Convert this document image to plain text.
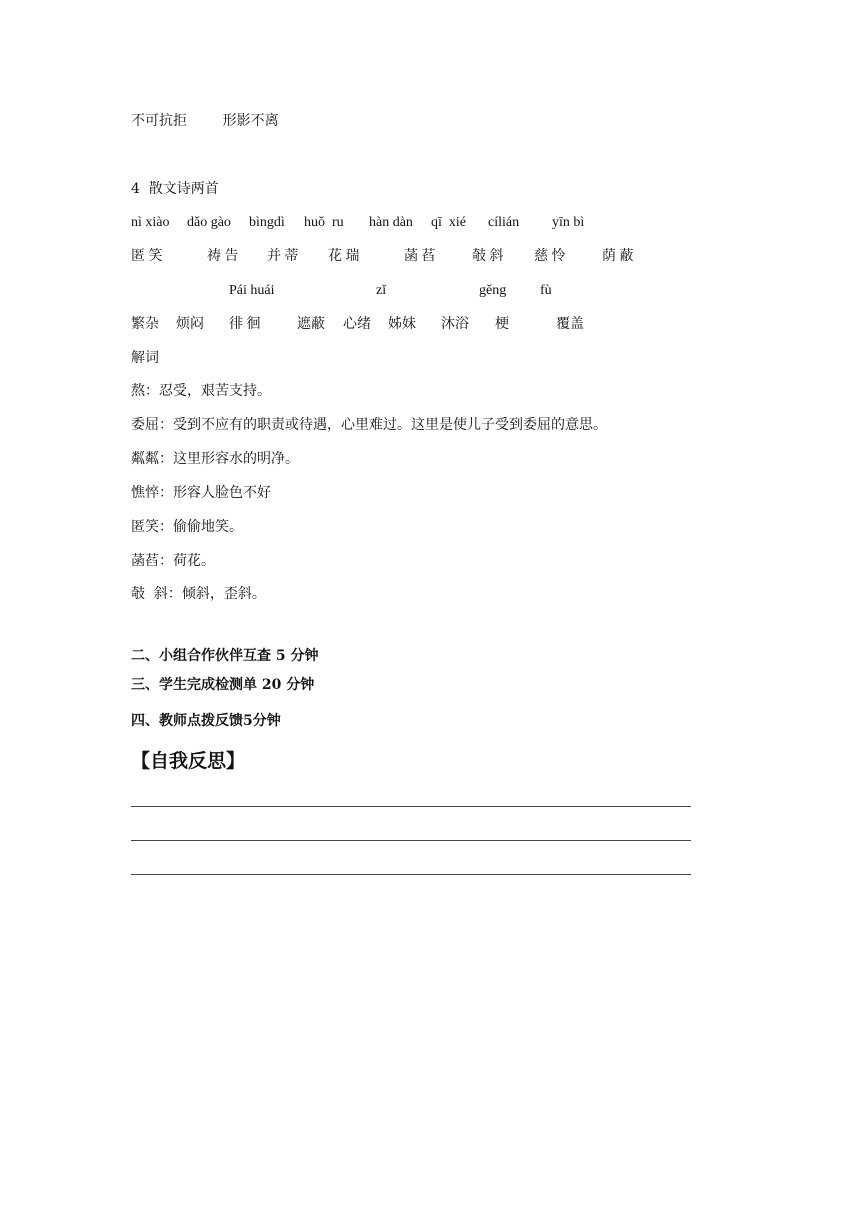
不可抗拒        形影不离

4  散文诗两首

nì xiào dǎo gào bìngdì huǒ  ru hàn dàn qī  xié cílián yīn bì
匿 笑	祷 告 并 蒂 花 瑞	菡 萏	攲 斜 慈 怜	荫 蔽
Pái huái	zǐ	gěng fù
繁杂 烦闷 徘 徊	遮蔽 心绪 姊妹 沐浴 梗	覆盖

解词

熬：忍受，艰苦支持。

委屈：受到不应有的职责或待遇，心里难过。这里是使儿子受到委屈的意思。

粼粼：这里形容水的明净。

憔悴：形容人脸色不好

匿笑：偷偷地笑。

菡萏：荷花。

攲  斜：倾斜，歪斜。

二、小组合作伙伴互查 5 分钟

三、学生完成检测单 20 分钟

四、教师点拨反馈5分钟

【自我反思】
